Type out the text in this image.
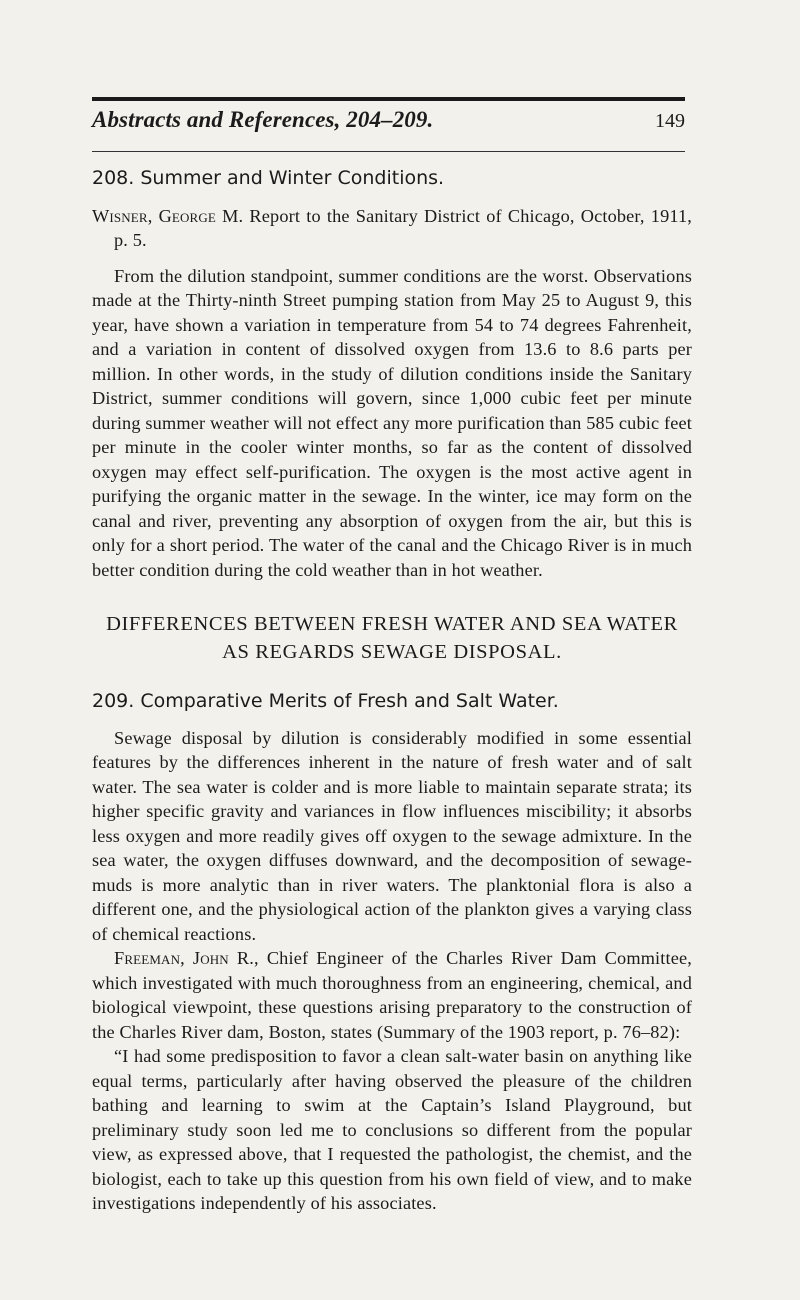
Abstracts and References, 204–209.	149
208. Summer and Winter Conditions.

Wisner, George M. Report to the Sanitary District of Chicago, October, 1911, p. 5.

From the dilution standpoint, summer conditions are the worst. Observations made at the Thirty-ninth Street pumping station from May 25 to August 9, this year, have shown a variation in temperature from 54 to 74 degrees Fahrenheit, and a variation in content of dissolved oxygen from 13.6 to 8.6 parts per million. In other words, in the study of dilution conditions inside the Sanitary District, summer conditions will govern, since 1,000 cubic feet per minute during summer weather will not effect any more purification than 585 cubic feet per minute in the cooler winter months, so far as the content of dissolved oxygen may effect self-purification. The oxygen is the most active agent in purifying the organic matter in the sewage. In the winter, ice may form on the canal and river, preventing any absorption of oxygen from the air, but this is only for a short period. The water of the canal and the Chicago River is in much better condition during the cold weather than in hot weather.

DIFFERENCES BETWEEN FRESH WATER AND SEA WATER AS REGARDS SEWAGE DISPOSAL.
209. Comparative Merits of Fresh and Salt Water.

Sewage disposal by dilution is considerably modified in some essential features by the differences inherent in the nature of fresh water and of salt water. The sea water is colder and is more liable to maintain separate strata; its higher specific gravity and variances in flow influences miscibility; it absorbs less oxygen and more readily gives off oxygen to the sewage admixture. In the sea water, the oxygen diffuses downward, and the decomposition of sewage-muds is more analytic than in river waters. The planktonial flora is also a different one, and the physiological action of the plankton gives a varying class of chemical reactions.

Freeman, John R., Chief Engineer of the Charles River Dam Committee, which investigated with much thoroughness from an engineering, chemical, and biological viewpoint, these questions arising preparatory to the construction of the Charles River dam, Boston, states (Summary of the 1903 report, p. 76–82):

“I had some predisposition to favor a clean salt-water basin on anything like equal terms, particularly after having observed the pleasure of the children bathing and learning to swim at the Captain’s Island Playground, but preliminary study soon led me to conclusions so different from the popular view, as expressed above, that I requested the pathologist, the chemist, and the biologist, each to take up this question from his own field of view, and to make investigations independently of his associates.
